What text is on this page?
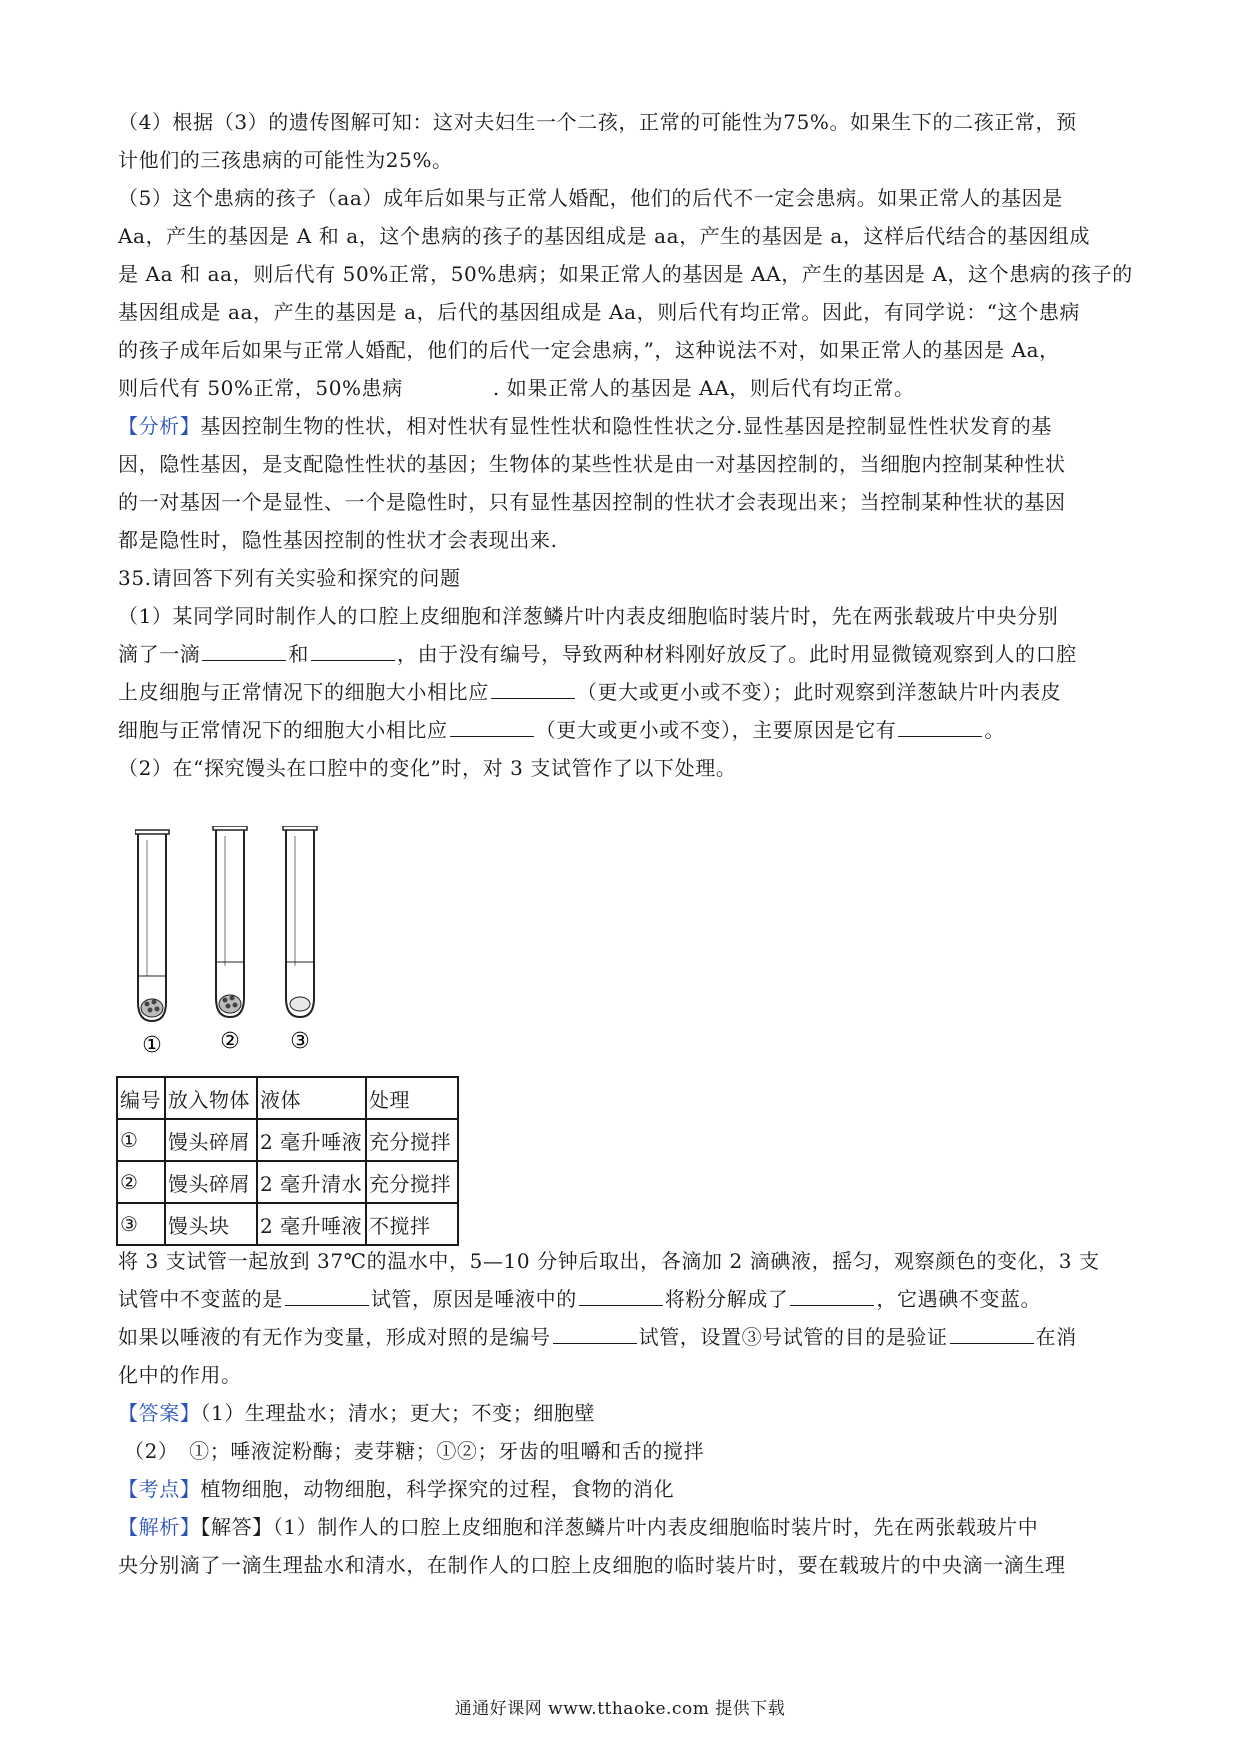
（4）根据（3）的遗传图解可知：这对夫妇生一个二孩，正常的可能性为75%。如果生下的二孩正常，预
计他们的三孩患病的可能性为25%。
（5）这个患病的孩子（aa）成年后如果与正常人婚配，他们的后代不一定会患病。如果正常人的基因是
Aa，产生的基因是 A 和 a，这个患病的孩子的基因组成是 aa，产生的基因是 a，这样后代结合的基因组成
是 Aa 和 aa，则后代有 50%正常，50%患病；如果正常人的基因是 AA，产生的基因是 A，这个患病的孩子的
基因组成是 aa，产生的基因是 a，后代的基因组成是 Aa，则后代有均正常。因此，有同学说：“这个患病
的孩子成年后如果与正常人婚配，他们的后代一定会患病，”，这种说法不对，如果正常人的基因是 Aa，
则后代有 50%正常，50%患病	. 如果正常人的基因是 AA，则后代有均正常。
【分析】基因控制生物的性状，相对性状有显性性状和隐性性状之分.显性基因是控制显性性状发育的基
因，隐性基因，是支配隐性性状的基因；生物体的某些性状是由一对基因控制的，当细胞内控制某种性状
的一对基因一个是显性、一个是隐性时，只有显性基因控制的性状才会表现出来；当控制某种性状的基因
都是隐性时，隐性基因控制的性状才会表现出来.
35.请回答下列有关实验和探究的问题
（1）某同学同时制作人的口腔上皮细胞和洋葱鳞片叶内表皮细胞临时装片时，先在两张载玻片中央分别
滴了一滴	和	，由于没有编号，导致两种材料刚好放反了。此时用显微镜观察到人的口腔
上皮细胞与正常情况下的细胞大小相比应	（更大或更小或不变）；此时观察到洋葱缺片叶内表皮
细胞与正常情况下的细胞大小相比应	（更大或更小或不变），主要原因是它有	。
（2）在“探究馒头在口腔中的变化”时，对 3 支试管作了以下处理。
①	② ③
编号	放入物体	液体	处理
①	馒头碎屑	2 毫升唾液	充分搅拌
②	馒头碎屑	2 毫升清水	充分搅拌
③	馒头块	2 毫升唾液	不搅拌
将 3 支试管一起放到 37℃的温水中，5—10 分钟后取出，各滴加 2 滴碘液，摇匀，观察颜色的变化，3 支
试管中不变蓝的是	试管，原因是唾液中的	将粉分解成了	，它遇碘不变蓝。
如果以唾液的有无作为变量，形成对照的是编号	试管，设置③号试管的目的是验证	在消
化中的作用。
【答案】（1）生理盐水；清水；更大；不变；细胞壁
（2）　①；唾液淀粉酶；麦芽糖；①②；牙齿的咀嚼和舌的搅拌
【考点】植物细胞，动物细胞，科学探究的过程，食物的消化
【解析】【解答】（1）制作人的口腔上皮细胞和洋葱鳞片叶内表皮细胞临时装片时，先在两张载玻片中
央分别滴了一滴生理盐水和清水，在制作人的口腔上皮细胞的临时装片时，要在载玻片的中央滴一滴生理
通通好课网 www.tthaoke.com 提供下载
